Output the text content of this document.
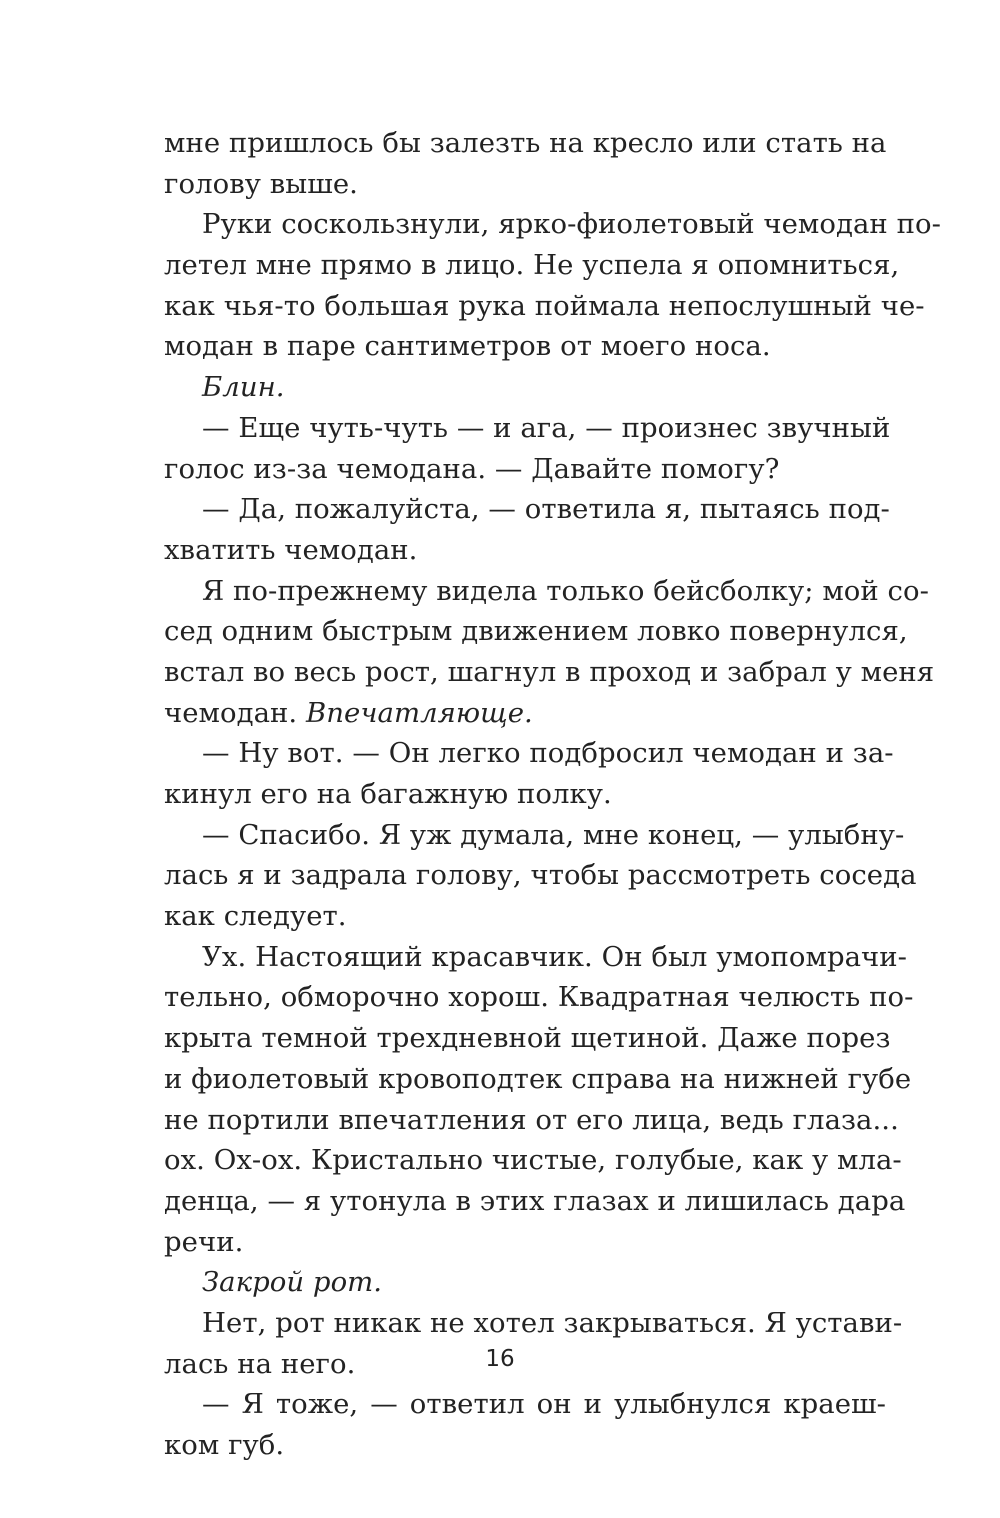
мне пришлось бы залезть на кресло или стать на
голову выше.
Руки соскользнули, ярко-фиолетовый чемодан по-
летел мне прямо в лицо. Не успела я опомниться,
как чья-то большая рука поймала непослушный че-
модан в паре сантиметров от моего носа.
Блин.
— Еще чуть-чуть — и ага, — произнес звучный
голос из-за чемодана. — Давайте помогу?
— Да, пожалуйста, — ответила я, пытаясь под-
хватить чемодан.
Я по-прежнему видела только бейсболку; мой со-
сед одним быстрым движением ловко повернулся,
встал во весь рост, шагнул в проход и забрал у меня
чемодан. Впечатляюще.
— Ну вот. — Он легко подбросил чемодан и за-
кинул его на багажную полку.
— Спасибо. Я уж думала, мне конец, — улыбну-
лась я и задрала голову, чтобы рассмотреть соседа
как следует.
Ух. Настоящий красавчик. Он был умопомрачи-
тельно, обморочно хорош. Квадратная челюсть по-
крыта темной трехдневной щетиной. Даже порез
и фиолетовый кровоподтек справа на нижней губе
не портили впечатления от его лица, ведь глаза...
ох. Ох-ох. Кристально чистые, голубые, как у мла-
денца, — я утонула в этих глазах и лишилась дара
речи.
Закрой рот.
Нет, рот никак не хотел закрываться. Я устави-
лась на него.
— Я тоже, — ответил он и улыбнулся краеш-
ком губ.
16
